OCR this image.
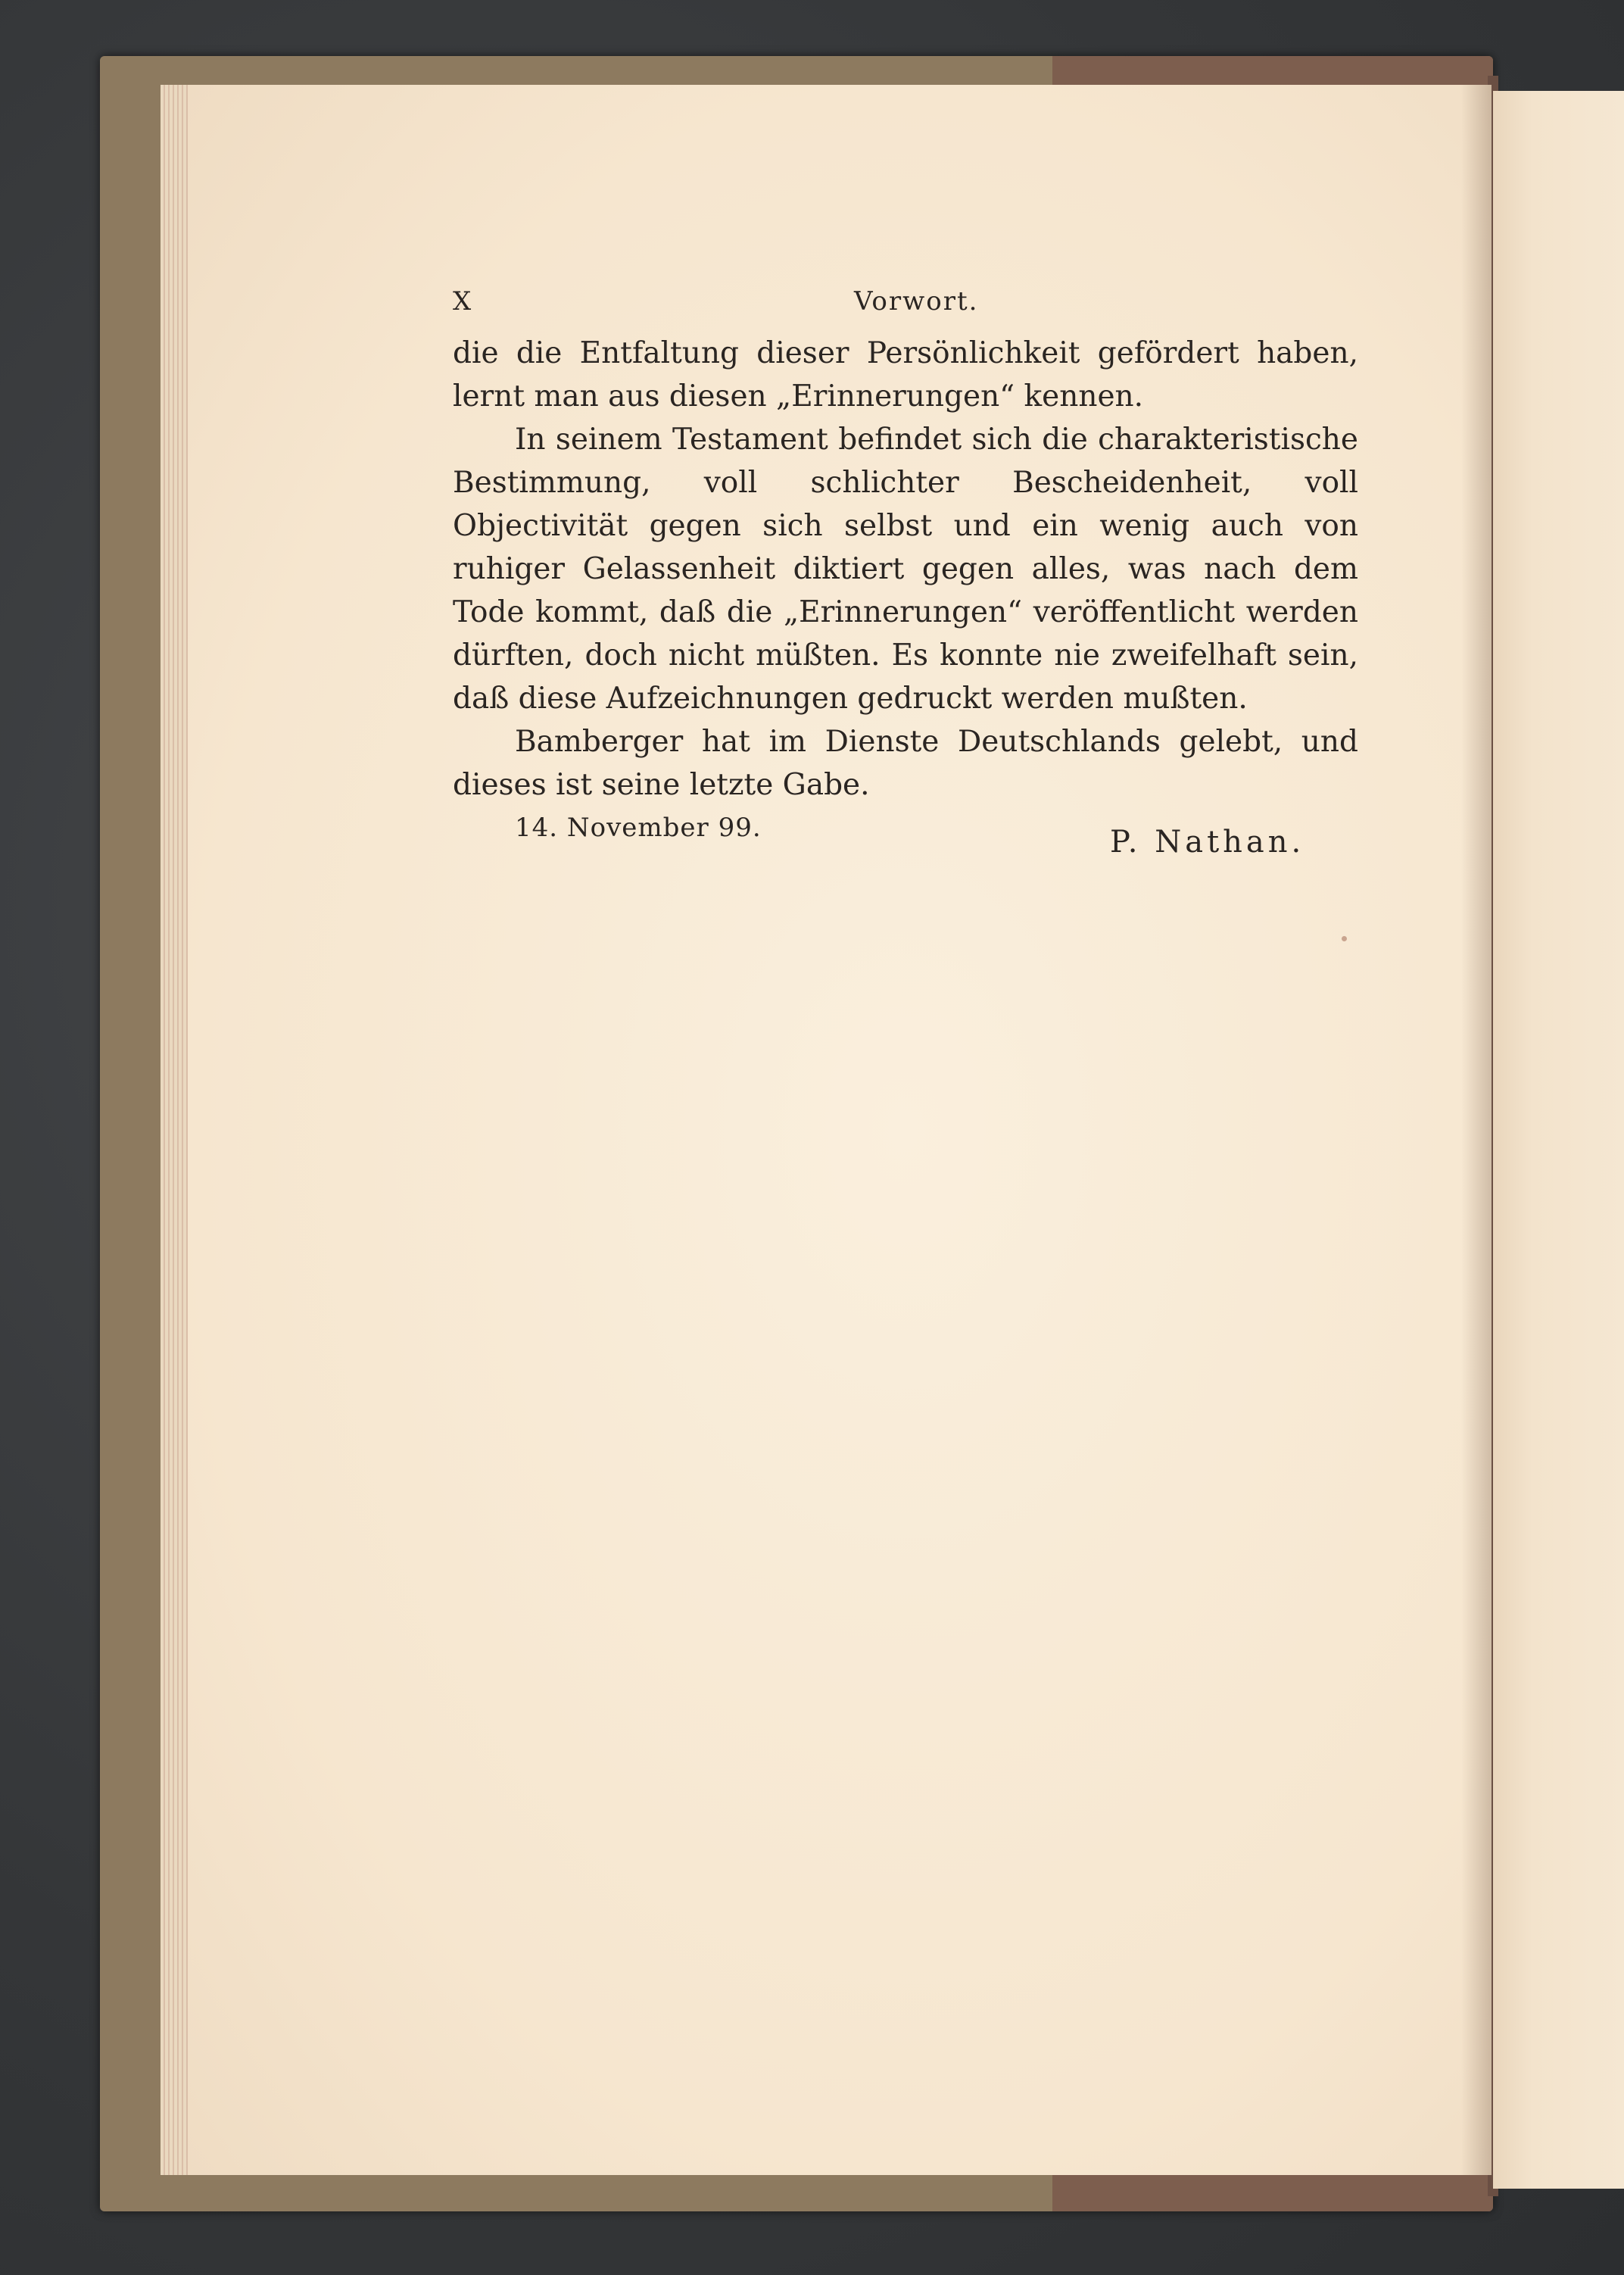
X	Vorwort.

die die Entfaltung dieser Persönlichkeit gefördert haben, lernt man aus diesen „Erinnerungen“ kennen.

In seinem Testament befindet sich die charakteristische Bestimmung, voll schlichter Bescheidenheit, voll Objectivität gegen sich selbst und ein wenig auch von ruhiger Gelassenheit diktiert gegen alles, was nach dem Tode kommt, daß die „Erinnerungen“ veröffentlicht werden dürften, doch nicht müßten. Es konnte nie zweifelhaft sein, daß diese Aufzeichnungen gedruckt werden mußten.

Bamberger hat im Dienste Deutschlands gelebt, und dieses ist seine letzte Gabe.

14. November 99.	P. Nathan.
